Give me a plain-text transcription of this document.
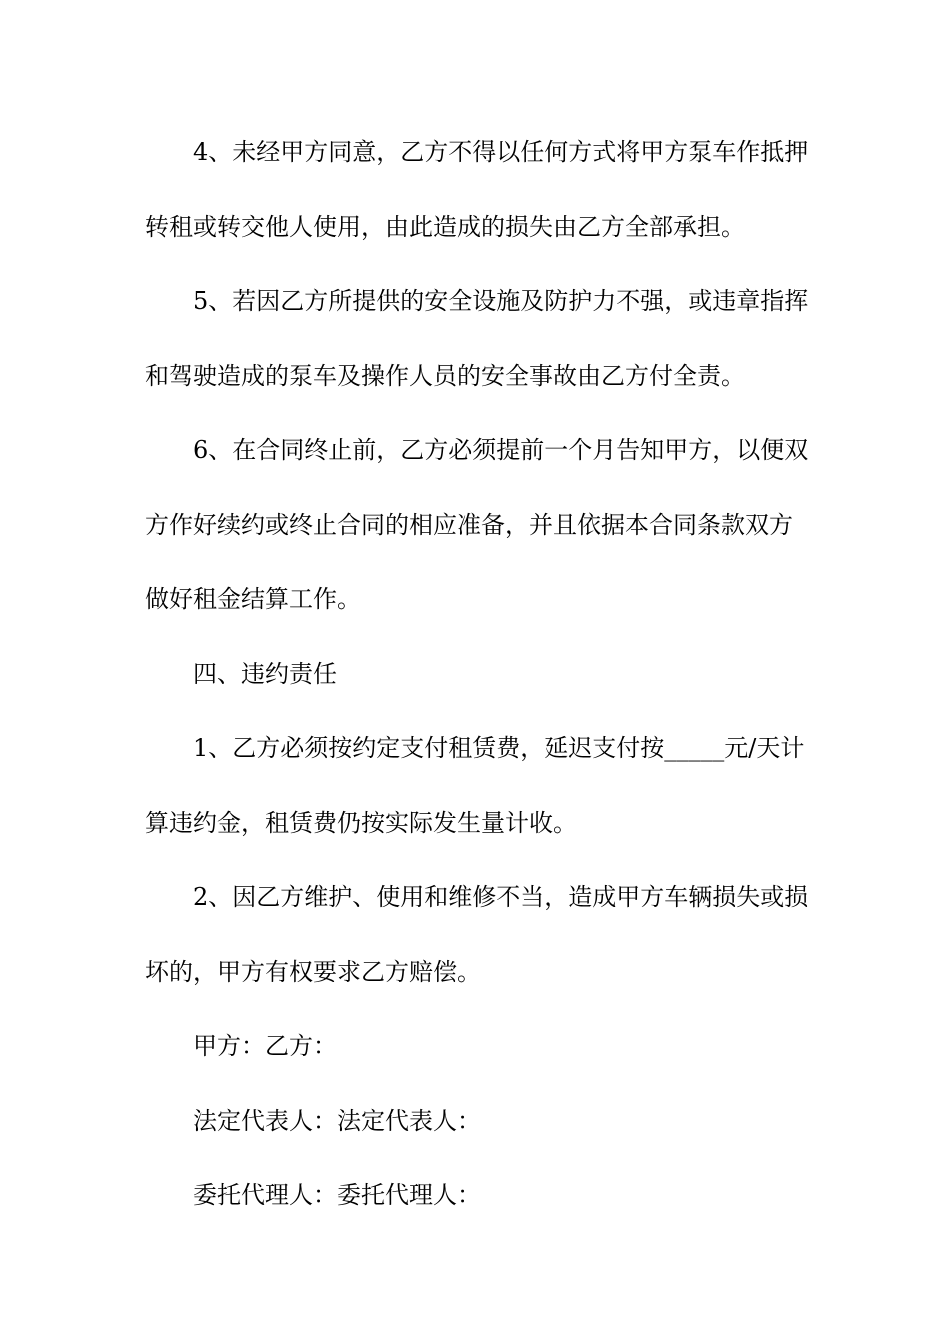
4、未经甲方同意，乙方不得以任何方式将甲方泵车作抵押
转租或转交他人使用，由此造成的损失由乙方全部承担。
5、若因乙方所提供的安全设施及防护力不强，或违章指挥
和驾驶造成的泵车及操作人员的安全事故由乙方付全责。
6、在合同终止前，乙方必须提前一个月告知甲方，以便双
方作好续约或终止合同的相应准备，并且依据本合同条款双方
做好租金结算工作。
四、违约责任
1、乙方必须按约定支付租赁费，延迟支付按_____元/天计
算违约金，租赁费仍按实际发生量计收。
2、因乙方维护、使用和维修不当，造成甲方车辆损失或损
坏的，甲方有权要求乙方赔偿。
甲方：乙方：
法定代表人：法定代表人：
委托代理人：委托代理人：
